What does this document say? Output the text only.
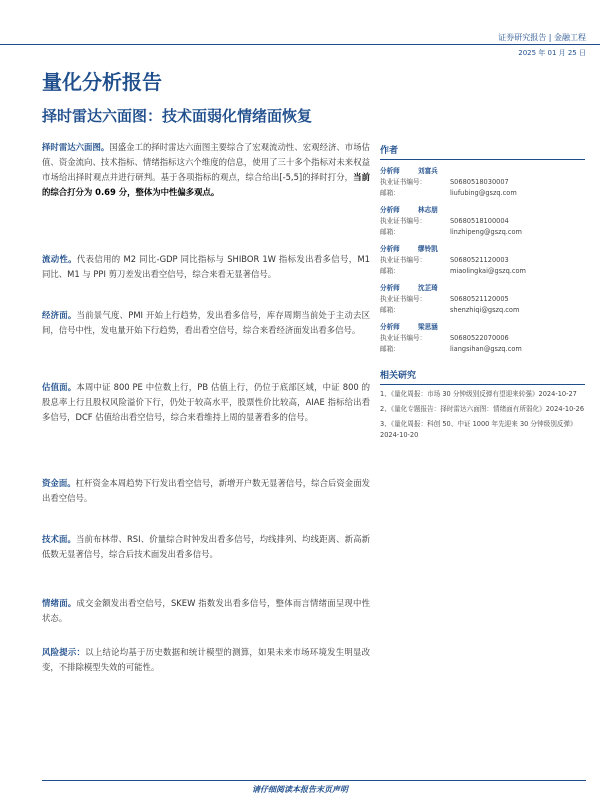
证券研究报告 | 金融工程
2025 年 01 月 25 日
量化分析报告
择时雷达六面图：技术面弱化情绪面恢复

择时雷达六面图。国盛金工的择时雷达六面图主要综合了宏观流动性、宏观经济、市场估值、资金流向、技术指标、情绪指标这六个维度的信息，使用了三十多个指标对未来权益市场给出择时观点并进行研判。基于各项指标的观点，综合给出[-5,5]的择时打分，当前的综合打分为 0.69 分，整体为中性偏多观点。

流动性。代表信用的 M2 同比-GDP 同比指标与 SHIBOR 1W 指标发出看多信号，M1 同比、M1 与 PPI 剪刀差发出看空信号，综合来看无显著信号。

经济面。当前景气度、PMI 开始上行趋势，发出看多信号，库存周期当前处于主动去区间，信号中性，发电量开始下行趋势，看出看空信号，综合来看经济面发出看多信号。

估值面。本周中证 800 PE 中位数上行，PB 估值上行，仍位于底部区域，中证 800 的股息率上行且股权风险溢价下行，仍处于较高水平，股票性价比较高，AIAE 指标给出看多信号，DCF 估值给出看空信号，综合来看维持上周的显著看多的信号。

资金面。杠杆资金本周趋势下行发出看空信号，新增开户数无显著信号，综合后资金面发出看空信号。

技术面。当前布林带、RSI、价量综合时钟发出看多信号，均线排列、均线距离、新高新低数无显著信号，综合后技术面发出看多信号。

情绪面。成交金额发出看空信号，SKEW 指数发出看多信号，整体而言情绪面呈现中性状态。

风险提示：以上结论均基于历史数据和统计模型的测算，如果未来市场环境发生明显改变，不排除模型失效的可能性。

作者
分析师	刘富兵
执业证书编号：	S0680518030007
邮箱：	liufubing@gszq.com
分析师	林志朋
执业证书编号：	S0680518100004
邮箱：	linzhipeng@gszq.com
分析师	缪铃凯
执业证书编号：	S0680521120003
邮箱：	miaolingkai@gszq.com
分析师	沈芷琦
执业证书编号：	S0680521120005
邮箱：	shenzhiqi@gszq.com
分析师	梁思涵
执业证书编号：	S0680522070006
邮箱：	liangsihan@gszq.com
相关研究
1、《量化周报：市场 30 分钟级别反弹有望迎来转强》2024-10-27
2、《量化专题报告：择时雷达六面图：情绪面有所弱化》2024-10-26
3、《量化周报：科创 50、中证 1000 年先迎来 30 分钟级别反弹》 2024-10-20
请仔细阅读本报告末页声明
